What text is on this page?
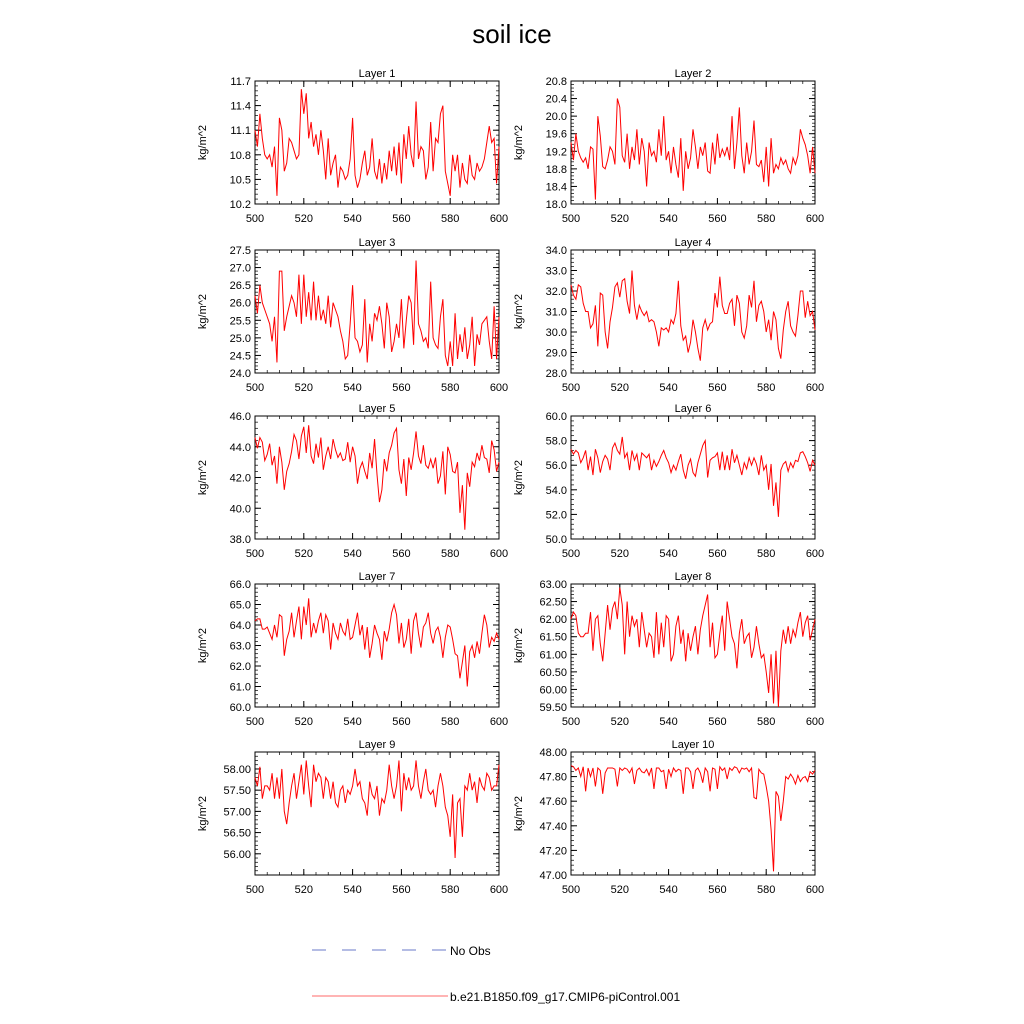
soil ice
Layer 1
kg/m^2
500	520	540	560	580	600
10.2
10.5
10.8
11.1
11.4
11.7
Layer 2
kg/m^2
500	520	540	560	580	600
18.0
18.4
18.8
19.2
19.6
20.0
20.4
20.8
Layer 3
kg/m^2
500	520	540	560	580	600
24.0
24.5
25.0
25.5
26.0
26.5
27.0
27.5
Layer 4
kg/m^2
500	520	540	560	580	600
28.0
29.0
30.0
31.0
32.0
33.0
34.0
Layer 5
kg/m^2
500	520	540	560	580	600
38.0
40.0
42.0
44.0
46.0
Layer 6
kg/m^2
500	520	540	560	580	600
50.0
52.0
54.0
56.0
58.0
60.0
Layer 7
kg/m^2
500	520	540	560	580	600
60.0
61.0
62.0
63.0
64.0
65.0
66.0
Layer 8
kg/m^2
500	520	540	560	580	600
59.50
60.00
60.50
61.00
61.50
62.00
62.50
63.00
Layer 9
kg/m^2
500	520	540	560	580	600
56.00
56.50
57.00
57.50
58.00
Layer 10
kg/m^2
500	520	540	560	580	600
47.00
47.20
47.40
47.60
47.80
48.00
No Obs
b.e21.B1850.f09_g17.CMIP6-piControl.001
